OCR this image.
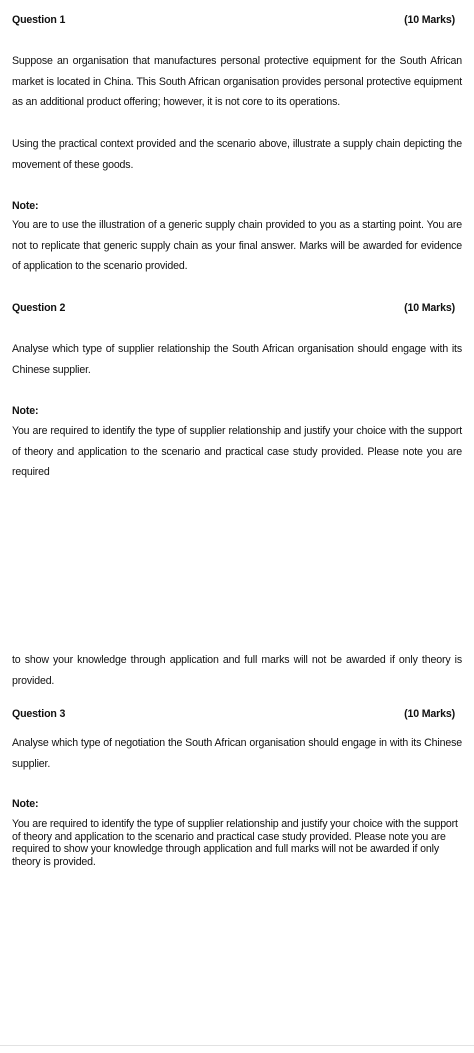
Question 1	(10 Marks)

Suppose an organisation that manufactures personal protective equipment for the South African market is located in China. This South African organisation provides personal protective equipment as an additional product offering; however, it is not core to its operations.

Using the practical context provided and the scenario above, illustrate a supply chain depicting the movement of these goods.

Note:

You are to use the illustration of a generic supply chain provided to you as a starting point. You are not to replicate that generic supply chain as your final answer. Marks will be awarded for evidence of application to the scenario provided.

Question 2	(10 Marks)

Analyse which type of supplier relationship the South African organisation should engage with its Chinese supplier.

Note:

You are required to identify the type of supplier relationship and justify your choice with the support of theory and application to the scenario and practical case study provided. Please note you are required

to show your knowledge through application and full marks will not be awarded if only theory is provided.

Question 3	(10 Marks)

Analyse which type of negotiation the South African organisation should engage in with its Chinese supplier.

Note:

You are required to identify the type of supplier relationship and justify your choice with the support of theory and application to the scenario and practical case study provided. Please note you are required to show your knowledge through application and full marks will not be awarded if only theory is provided.
